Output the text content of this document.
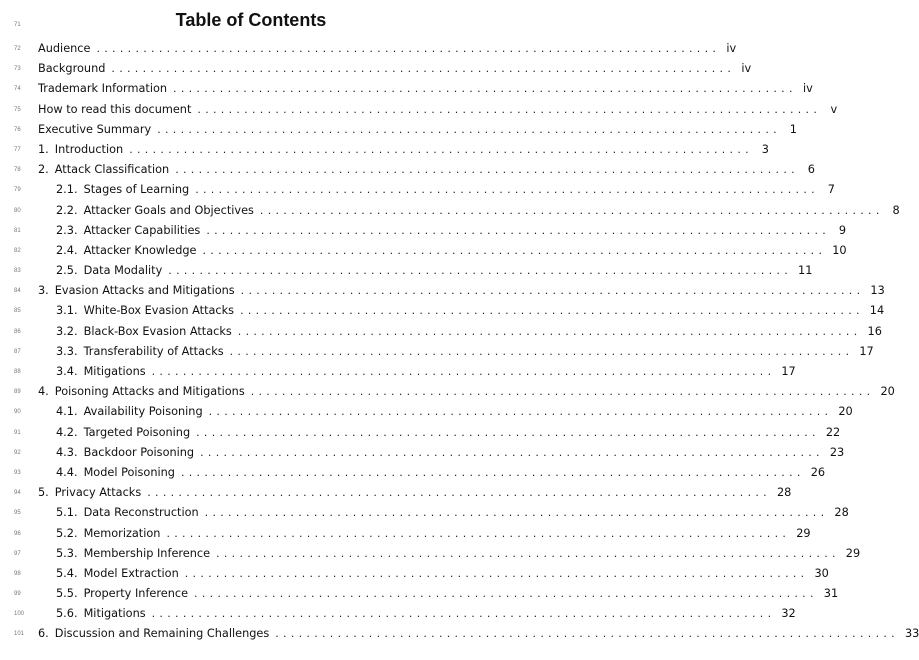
71	Table of Contents
72	Audience ................................................................................ iv
73	Background ................................................................................ iv
74	Trademark Information ................................................................................ iv
75	How to read this document ................................................................................ v
76	Executive Summary ................................................................................ 1
77	1. Introduction ................................................................................ 3
78	2. Attack Classification ................................................................................ 6
79	2.1. Stages of Learning ................................................................................ 7
80	2.2. Attacker Goals and Objectives ................................................................................ 8
81	2.3. Attacker Capabilities ................................................................................ 9
82	2.4. Attacker Knowledge ................................................................................ 10
83	2.5. Data Modality ................................................................................ 11
84	3. Evasion Attacks and Mitigations ................................................................................ 13
85	3.1. White-Box Evasion Attacks ................................................................................ 14
86	3.2. Black-Box Evasion Attacks ................................................................................ 16
87	3.3. Transferability of Attacks ................................................................................ 17
88	3.4. Mitigations ................................................................................ 17
89	4. Poisoning Attacks and Mitigations ................................................................................ 20
90	4.1. Availability Poisoning ................................................................................ 20
91	4.2. Targeted Poisoning ................................................................................ 22
92	4.3. Backdoor Poisoning ................................................................................ 23
93	4.4. Model Poisoning ................................................................................ 26
94	5. Privacy Attacks ................................................................................ 28
95	5.1. Data Reconstruction ................................................................................ 28
96	5.2. Memorization ................................................................................ 29
97	5.3. Membership Inference ................................................................................ 29
98	5.4. Model Extraction ................................................................................ 30
99	5.5. Property Inference ................................................................................ 31
100	5.6. Mitigations ................................................................................ 32
101	6. Discussion and Remaining Challenges ................................................................................ 33
